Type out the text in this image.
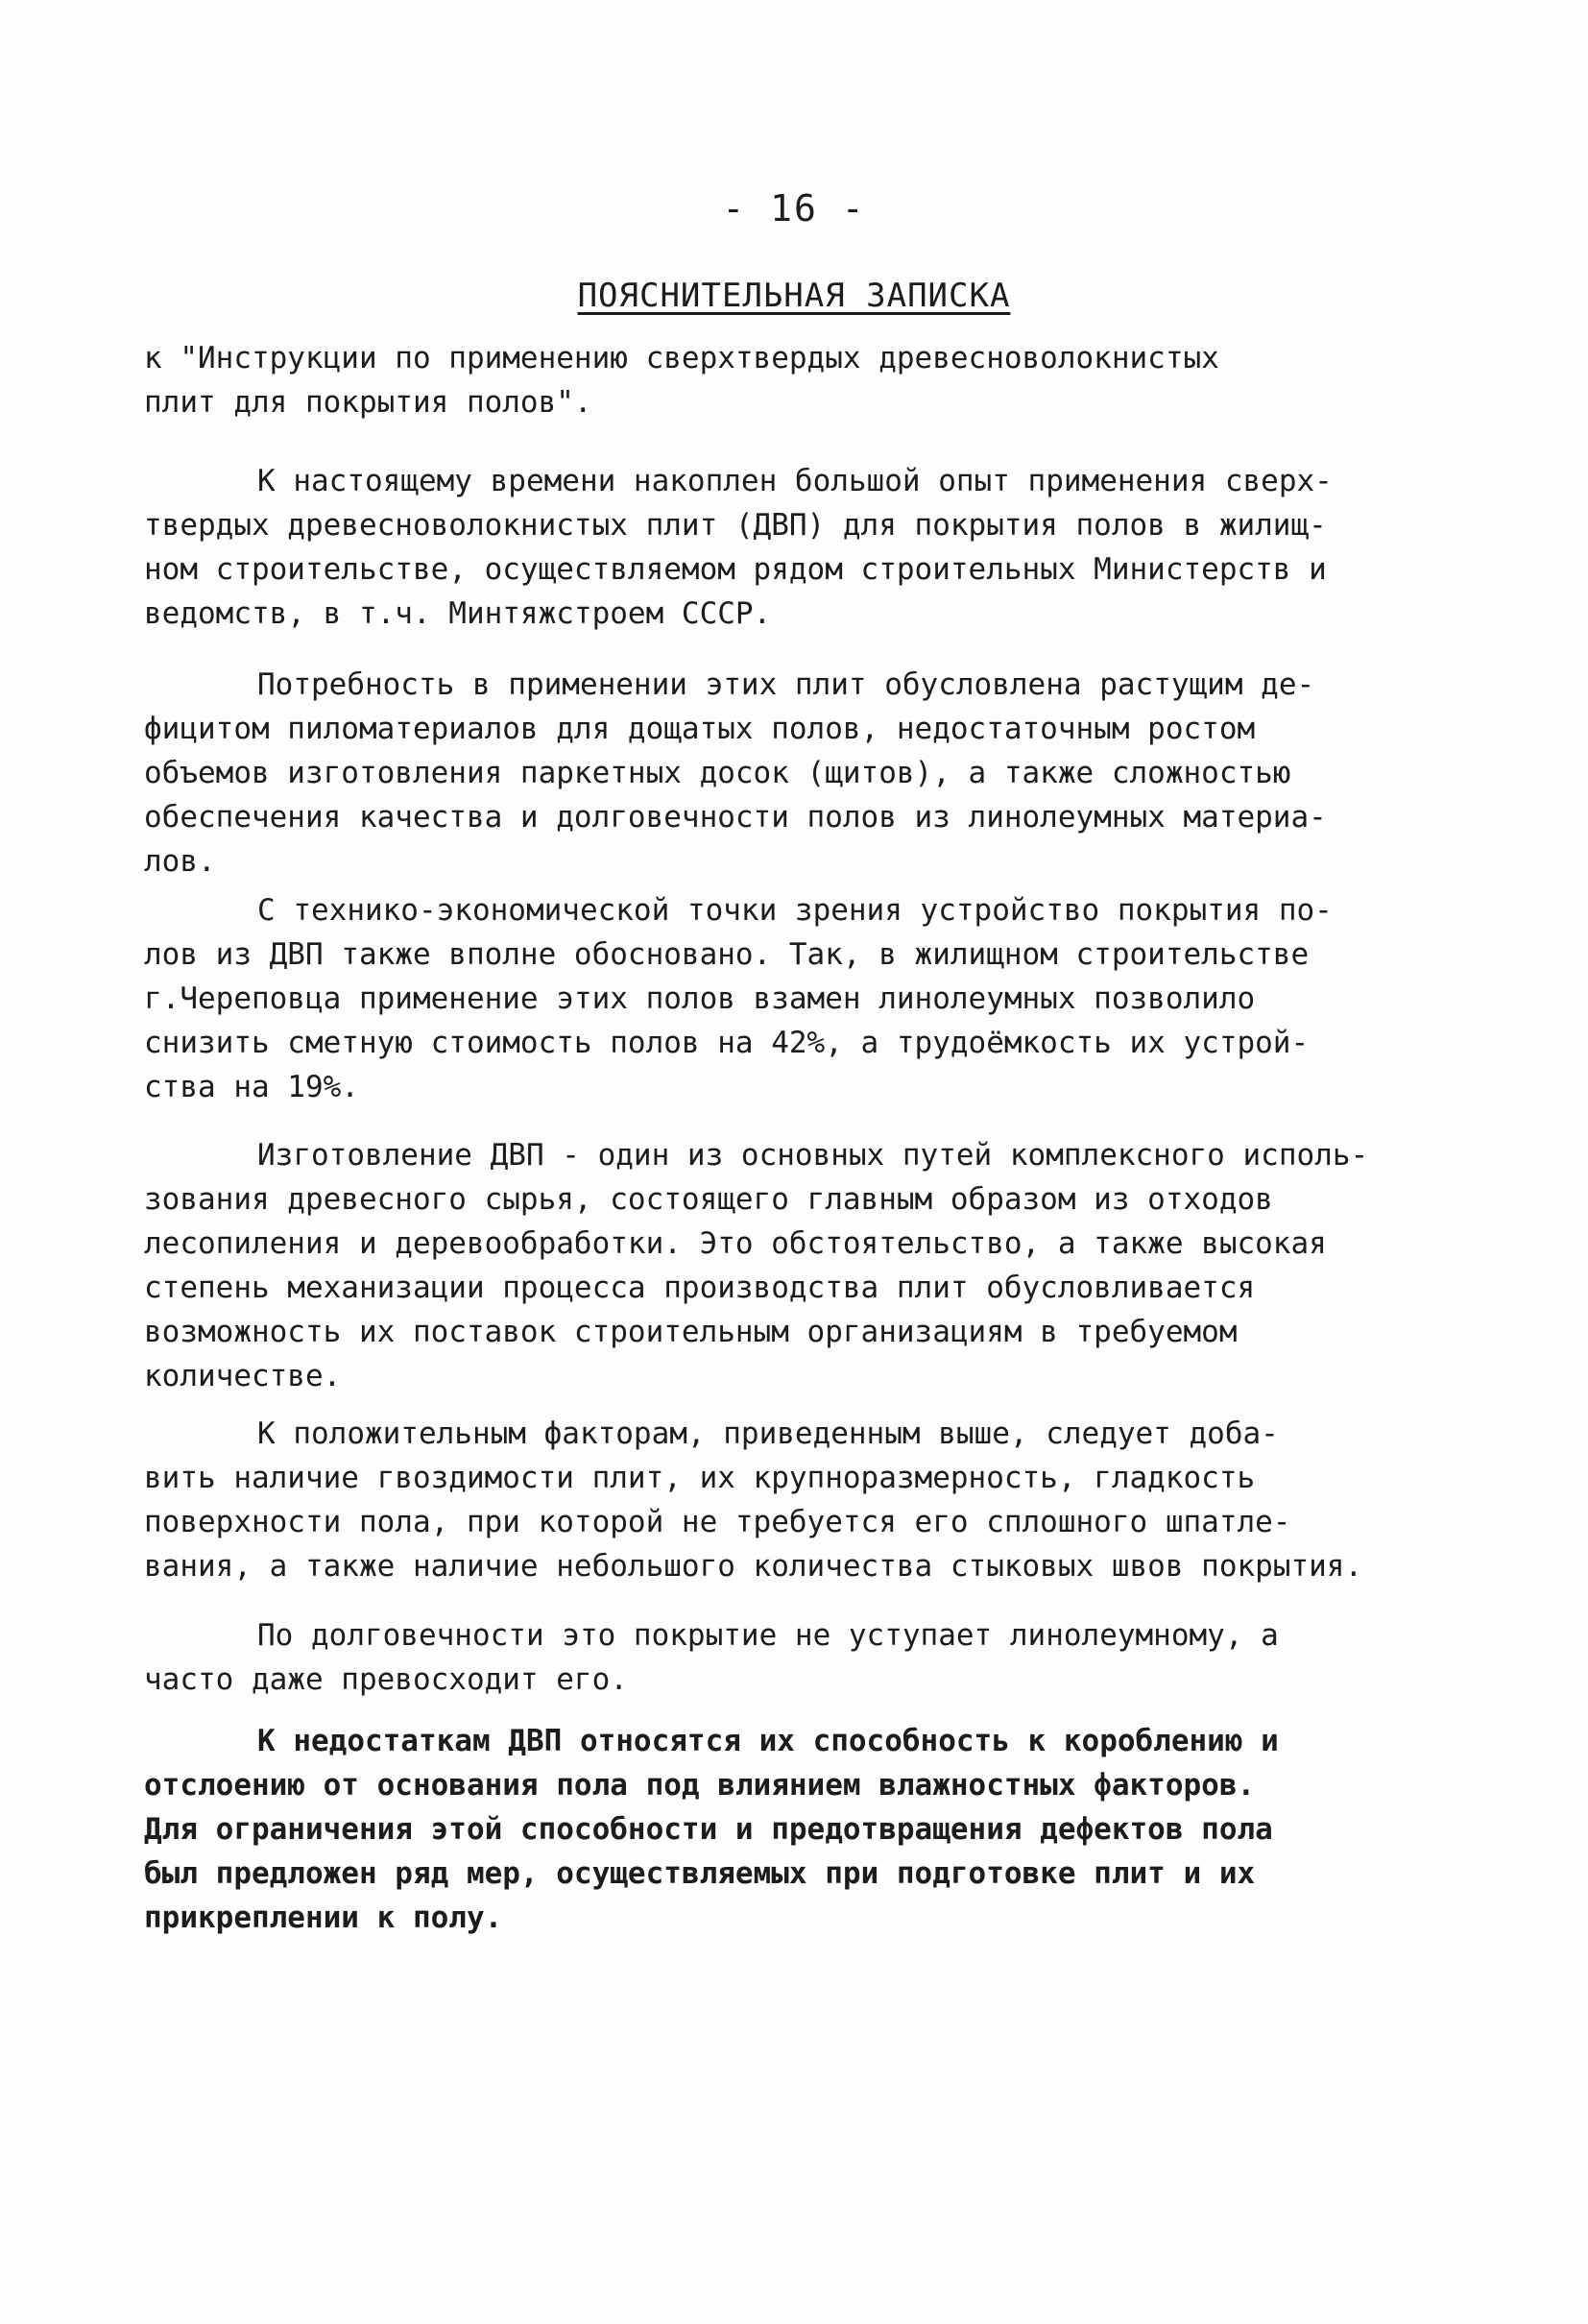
- 16 -
ПОЯСНИТЕЛЬНАЯ ЗАПИСКА
к "Инструкции по применению сверхтвердых древесноволокнистых
плит для покрытия полов".
К настоящему времени накоплен большой опыт применения сверх-
твердых древесноволокнистых плит (ДВП) для покрытия полов в жилищ-
ном строительстве, осуществляемом рядом строительных Министерств и
ведомств, в т.ч. Минтяжстроем СССР.
Потребность в применении этих плит обусловлена растущим де-
фицитом пиломатериалов для дощатых полов, недостаточным ростом
объемов изготовления паркетных досок (щитов), а также сложностью
обеспечения качества и долговечности полов из линолеумных материа-
лов.
С технико-экономической точки зрения устройство покрытия по-
лов из ДВП также вполне обосновано. Так, в жилищном строительстве
г.Череповца применение этих полов взамен линолеумных позволило
снизить сметную стоимость полов на 42%, а трудоёмкость их устрой-
ства на 19%.
Изготовление ДВП - один из основных путей комплексного исполь-
зования древесного сырья, состоящего главным образом из отходов
лесопиления и деревообработки. Это обстоятельство, а также высокая
степень механизации процесса производства плит обусловливается
возможность их поставок строительным организациям в требуемом
количестве.
К положительным факторам, приведенным выше, следует доба-
вить наличие гвоздимости плит, их крупноразмерность, гладкость
поверхности пола, при которой не требуется его сплошного шпатле-
вания, а также наличие небольшого количества стыковых швов покрытия.
По долговечности это покрытие не уступает линолеумному, а
часто даже превосходит его.
К недостаткам ДВП относятся их способность к короблению и
отслоению от основания пола под влиянием влажностных факторов.
Для ограничения этой способности и предотвращения дефектов пола
был предложен ряд мер, осуществляемых при подготовке плит и их
прикреплении к полу.
